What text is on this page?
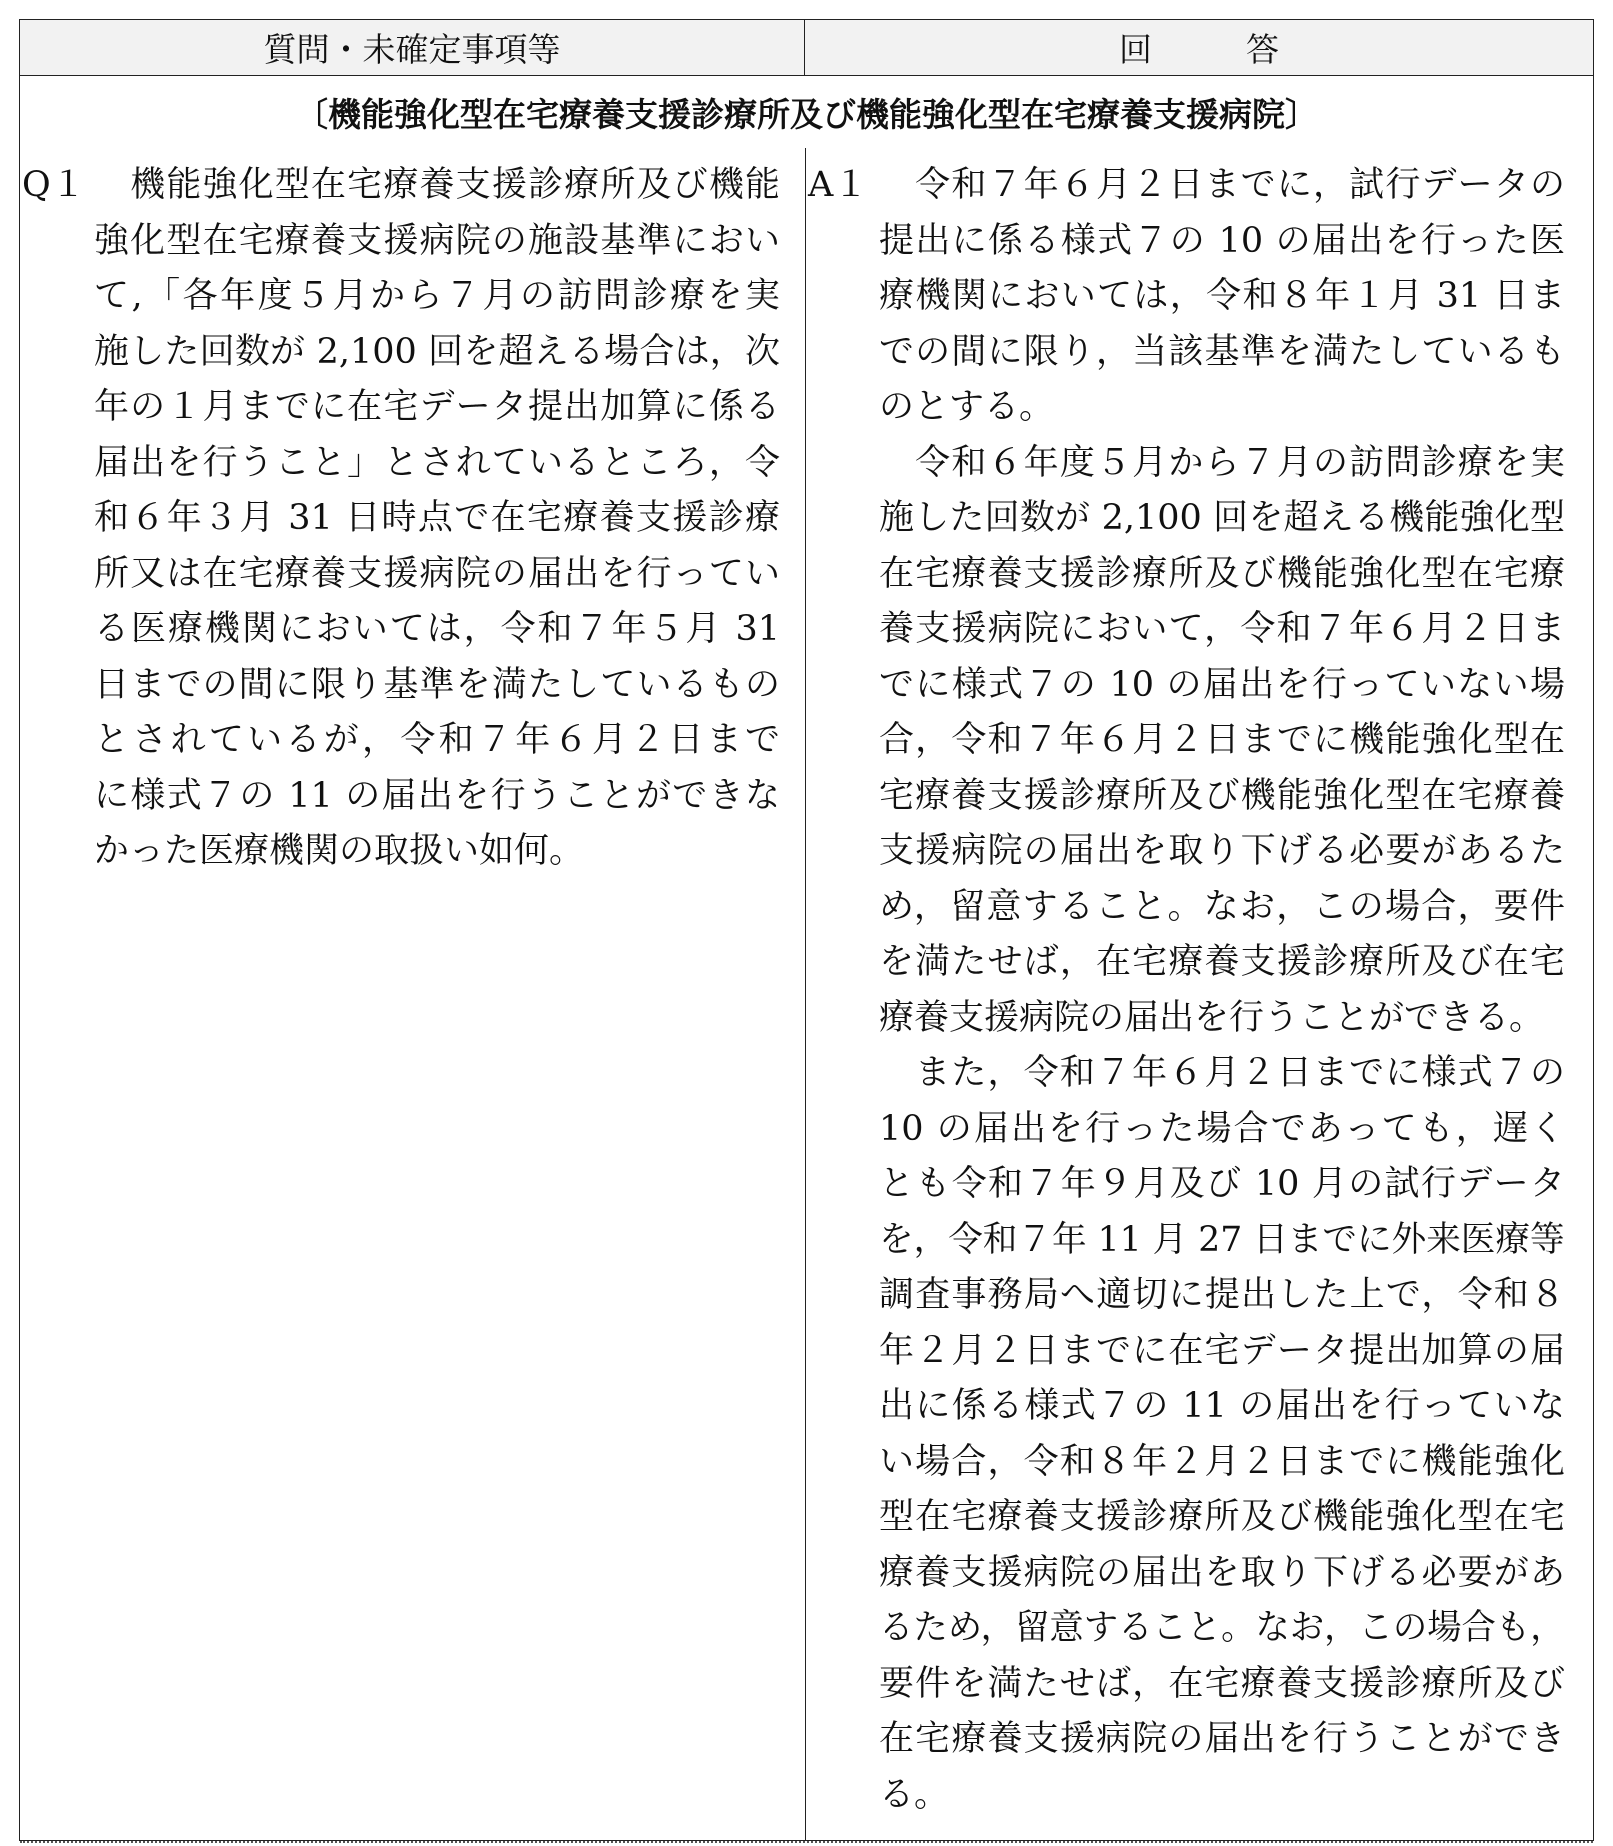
質問・未確定事項等	回答
〔機能強化型在宅療養支援診療所及び機能強化型在宅療養支援病院〕
Q１ 　機能強化型在宅療養支援診療所及び機能
強化型在宅療養支援病院の施設基準におい
て,「各年度５月から７月の訪問診療を実
施した回数が 2,100 回を超える場合は，次
年の１月までに在宅データ提出加算に係る
届出を行うこと」とされているところ，令
和６年３月 31 日時点で在宅療養支援診療
所又は在宅療養支援病院の届出を行ってい
る医療機関においては，令和７年５月 31
日までの間に限り基準を満たしているもの
とされているが，令和７年６月２日まで
に様式７の 11 の届出を行うことができな
かった医療機関の取扱い如何。
A１ 　令和７年６月２日までに，試行データの
提出に係る様式７の 10 の届出を行った医
療機関においては，令和８年１月 31 日ま
での間に限り，当該基準を満たしているも
のとする。
　令和６年度５月から７月の訪問診療を実
施した回数が 2,100 回を超える機能強化型
在宅療養支援診療所及び機能強化型在宅療
養支援病院において，令和７年６月２日ま
でに様式７の 10 の届出を行っていない場
合，令和７年６月２日までに機能強化型在
宅療養支援診療所及び機能強化型在宅療養
支援病院の届出を取り下げる必要があるた
め，留意すること。なお，この場合，要件
を満たせば，在宅療養支援診療所及び在宅
療養支援病院の届出を行うことができる。
　また，令和７年６月２日までに様式７の
10 の届出を行った場合であっても，遅く
とも令和７年９月及び 10 月の試行データ
を，令和７年 11 月 27 日までに外来医療等
調査事務局へ適切に提出した上で，令和８
年２月２日までに在宅データ提出加算の届
出に係る様式７の 11 の届出を行っていな
い場合，令和８年２月２日までに機能強化
型在宅療養支援診療所及び機能強化型在宅
療養支援病院の届出を取り下げる必要があ
るため，留意すること。なお，この場合も，
要件を満たせば，在宅療養支援診療所及び
在宅療養支援病院の届出を行うことができ
る。
